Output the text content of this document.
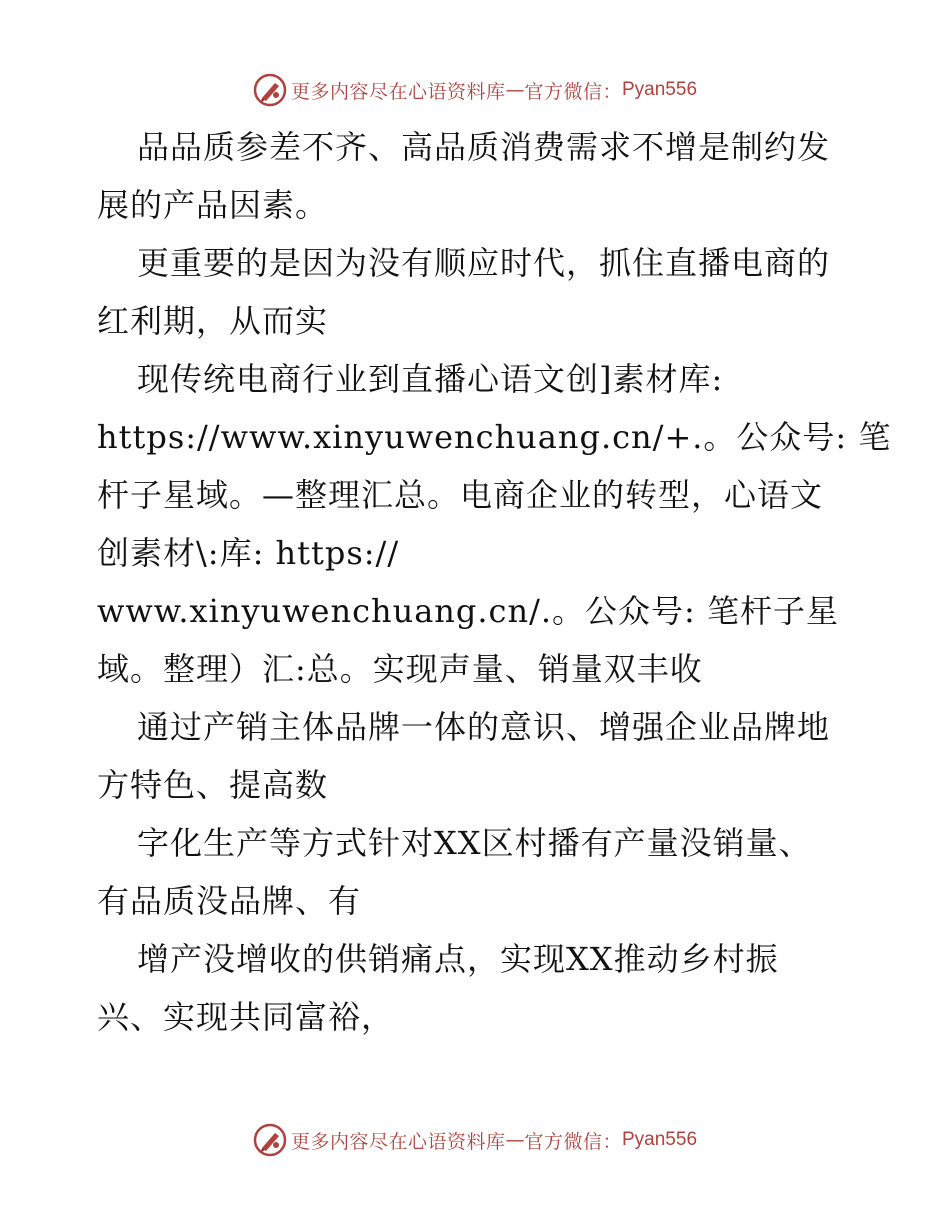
更多内容尽在心语资料库 — 官方微信： Pyan556
品品质参差不齐、高品质消费需求不增是制约发
展的产品因素。
更重要的是因为没有顺应时代，抓住直播电商的
红利期，从而实
现传统电商行业到直播心语文创]素材库:
https://www.xinyuwenchuang.cn/+.。公众号: 笔
杆子星域。—整理汇总。电商企业的转型，心语文
创素材\:库: https://
www.xinyuwenchuang.cn/.。公众号: 笔杆子星
域。整理）汇:总。实现声量、销量双丰收
通过产销主体品牌一体的意识、增强企业品牌地
方特色、提高数
字化生产等方式针对XX区村播有产量没销量、
有品质没品牌、有
增产没增收的供销痛点，实现XX推动乡村振
兴、实现共同富裕，
更多内容尽在心语资料库 — 官方微信： Pyan556
